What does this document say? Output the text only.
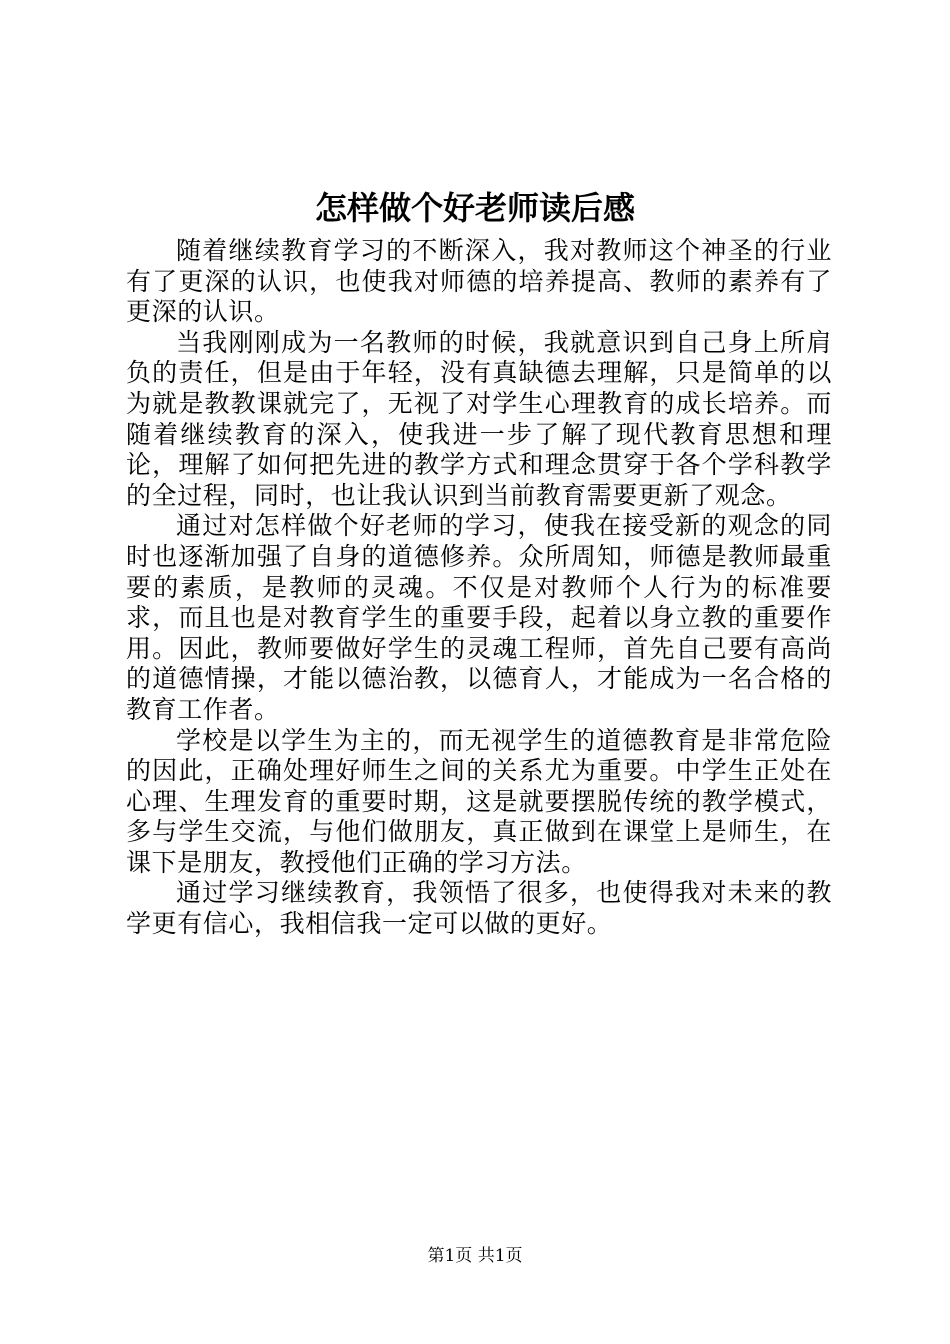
怎样做个好老师读后感

随着继续教育学习的不断深入，我对教师这个神圣的行业有了更深的认识，也使我对师德的培养提高、教师的素养有了更深的认识。

当我刚刚成为一名教师的时候，我就意识到自己身上所肩负的责任，但是由于年轻，没有真缺德去理解，只是简单的以为就是教教课就完了，无视了对学生心理教育的成长培养。而随着继续教育的深入，使我进一步了解了现代教育思想和理论，理解了如何把先进的教学方式和理念贯穿于各个学科教学的全过程，同时，也让我认识到当前教育需要更新了观念。

通过对怎样做个好老师的学习，使我在接受新的观念的同时也逐渐加强了自身的道德修养。众所周知，师德是教师最重要的素质，是教师的灵魂。不仅是对教师个人行为的标准要求，而且也是对教育学生的重要手段，起着以身立教的重要作用。因此，教师要做好学生的灵魂工程师，首先自己要有高尚的道德情操，才能以德治教，以德育人，才能成为一名合格的教育工作者。

学校是以学生为主的，而无视学生的道德教育是非常危险的因此，正确处理好师生之间的关系尤为重要。中学生正处在心理、生理发育的重要时期，这是就要摆脱传统的教学模式，多与学生交流，与他们做朋友，真正做到在课堂上是师生，在课下是朋友，教授他们正确的学习方法。

通过学习继续教育，我领悟了很多，也使得我对未来的教学更有信心，我相信我一定可以做的更好。

第1页 共1页
